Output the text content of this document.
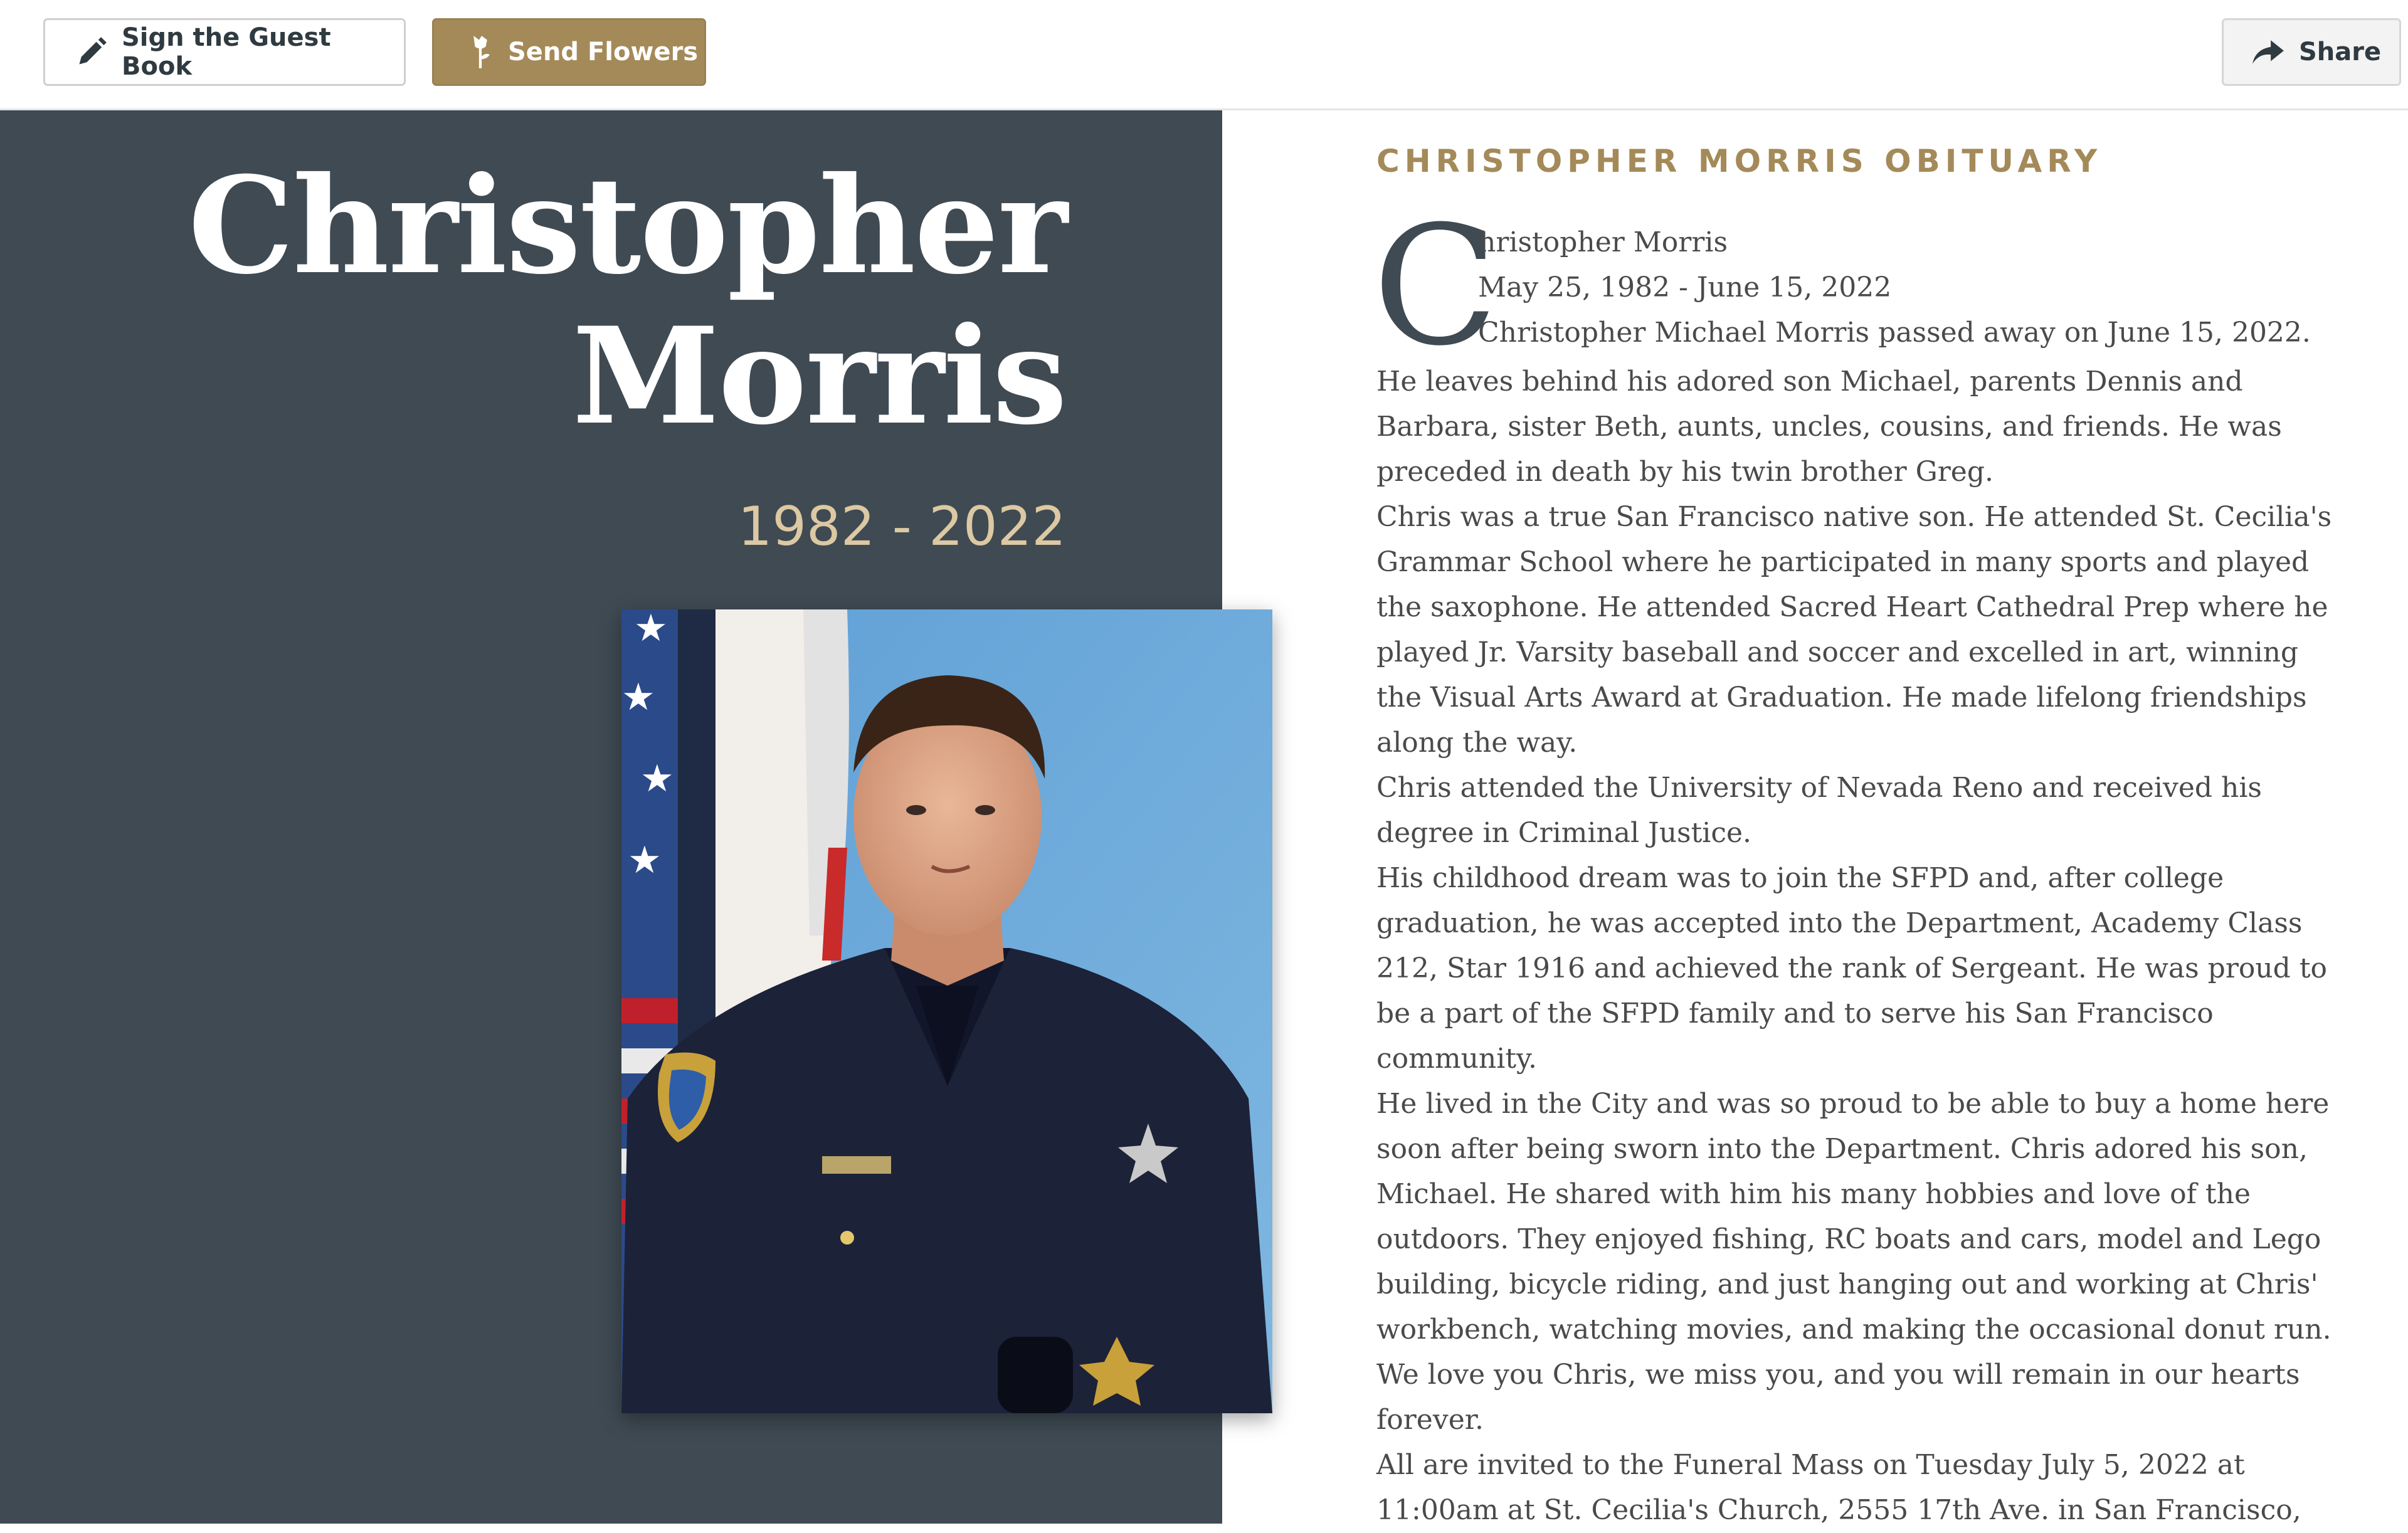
Sign the Guest Book	Send Flowers	Share
Christopher
Morris
1982 - 2022
★
★
★
★
CHRISTOPHER MORRIS OBITUARY
C
hristopher Morris
May 25, 1982 - June 15, 2022
Christopher Michael Morris passed away on June 15, 2022.
He leaves behind his adored son Michael, parents Dennis and
Barbara, sister Beth, aunts, uncles, cousins, and friends. He was
preceded in death by his twin brother Greg.
Chris was a true San Francisco native son. He attended St. Cecilia's
Grammar School where he participated in many sports and played
the saxophone. He attended Sacred Heart Cathedral Prep where he
played Jr. Varsity baseball and soccer and excelled in art, winning
the Visual Arts Award at Graduation. He made lifelong friendships
along the way.
Chris attended the University of Nevada Reno and received his
degree in Criminal Justice.
His childhood dream was to join the SFPD and, after college
graduation, he was accepted into the Department, Academy Class
212, Star 1916 and achieved the rank of Sergeant. He was proud to
be a part of the SFPD family and to serve his San Francisco
community.
He lived in the City and was so proud to be able to buy a home here
soon after being sworn into the Department. Chris adored his son,
Michael. He shared with him his many hobbies and love of the
outdoors. They enjoyed fishing, RC boats and cars, model and Lego
building, bicycle riding, and just hanging out and working at Chris'
workbench, watching movies, and making the occasional donut run.
We love you Chris, we miss you, and you will remain in our hearts
forever.
All are invited to the Funeral Mass on Tuesday July 5, 2022 at
11:00am at St. Cecilia's Church, 2555 17th Ave. in San Francisco,
